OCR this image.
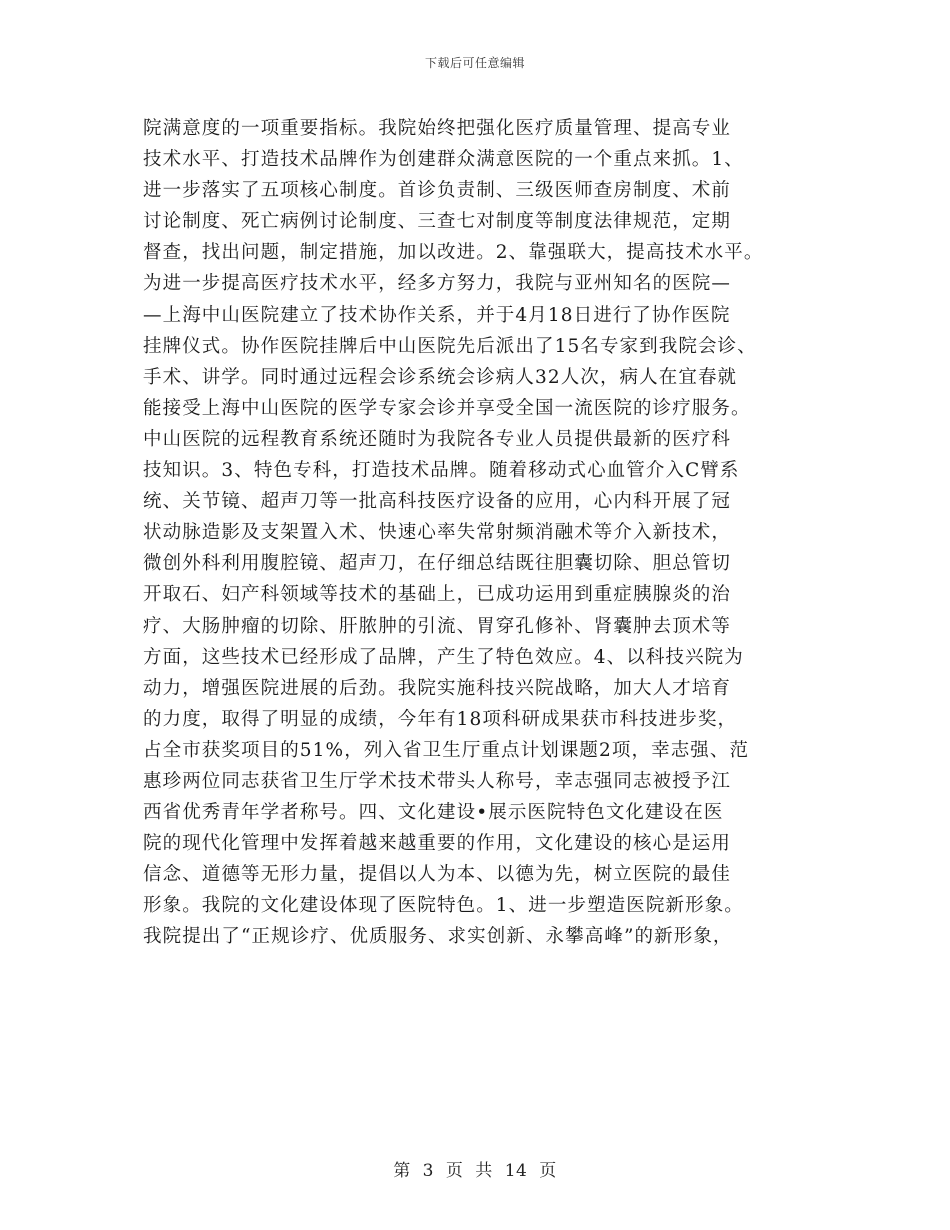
下载后可任意编辑
院满意度的一项重要指标。我院始终把强化医疗质量管理、提高专业
技术水平、打造技术品牌作为创建群众满意医院的一个重点来抓。1、
进一步落实了五项核心制度。首诊负责制、三级医师查房制度、术前
讨论制度、死亡病例讨论制度、三查七对制度等制度法律规范，定期
督查，找出问题，制定措施，加以改进。2、靠强联大，提高技术水平。
为进一步提高医疗技术水平，经多方努力，我院与亚州知名的医院—
—上海中山医院建立了技术协作关系，并于4月18日进行了协作医院
挂牌仪式。协作医院挂牌后中山医院先后派出了15名专家到我院会诊、
手术、讲学。同时通过远程会诊系统会诊病人32人次，病人在宜春就
能接受上海中山医院的医学专家会诊并享受全国一流医院的诊疗服务。
中山医院的远程教育系统还随时为我院各专业人员提供最新的医疗科
技知识。3、特色专科，打造技术品牌。随着移动式心血管介入C臂系
统、关节镜、超声刀等一批高科技医疗设备的应用，心内科开展了冠
状动脉造影及支架置入术、快速心率失常射频消融术等介入新技术，
微创外科利用腹腔镜、超声刀，在仔细总结既往胆囊切除、胆总管切
开取石、妇产科领域等技术的基础上，已成功运用到重症胰腺炎的治
疗、大肠肿瘤的切除、肝脓肿的引流、胃穿孔修补、肾囊肿去顶术等
方面，这些技术已经形成了品牌，产生了特色效应。4、以科技兴院为
动力，增强医院进展的后劲。我院实施科技兴院战略，加大人才培育
的力度，取得了明显的成绩，今年有18项科研成果获市科技进步奖，
占全市获奖项目的51%，列入省卫生厅重点计划课题2项，幸志强、范
惠珍两位同志获省卫生厅学术技术带头人称号，幸志强同志被授予江
西省优秀青年学者称号。四、文化建设•展示医院特色文化建设在医
院的现代化管理中发挥着越来越重要的作用，文化建设的核心是运用
信念、道德等无形力量，提倡以人为本、以德为先，树立医院的最佳
形象。我院的文化建设体现了医院特色。1、进一步塑造医院新形象。
我院提出了“正规诊疗、优质服务、求实创新、永攀高峰”的新形象，
第 3 页 共 14 页
